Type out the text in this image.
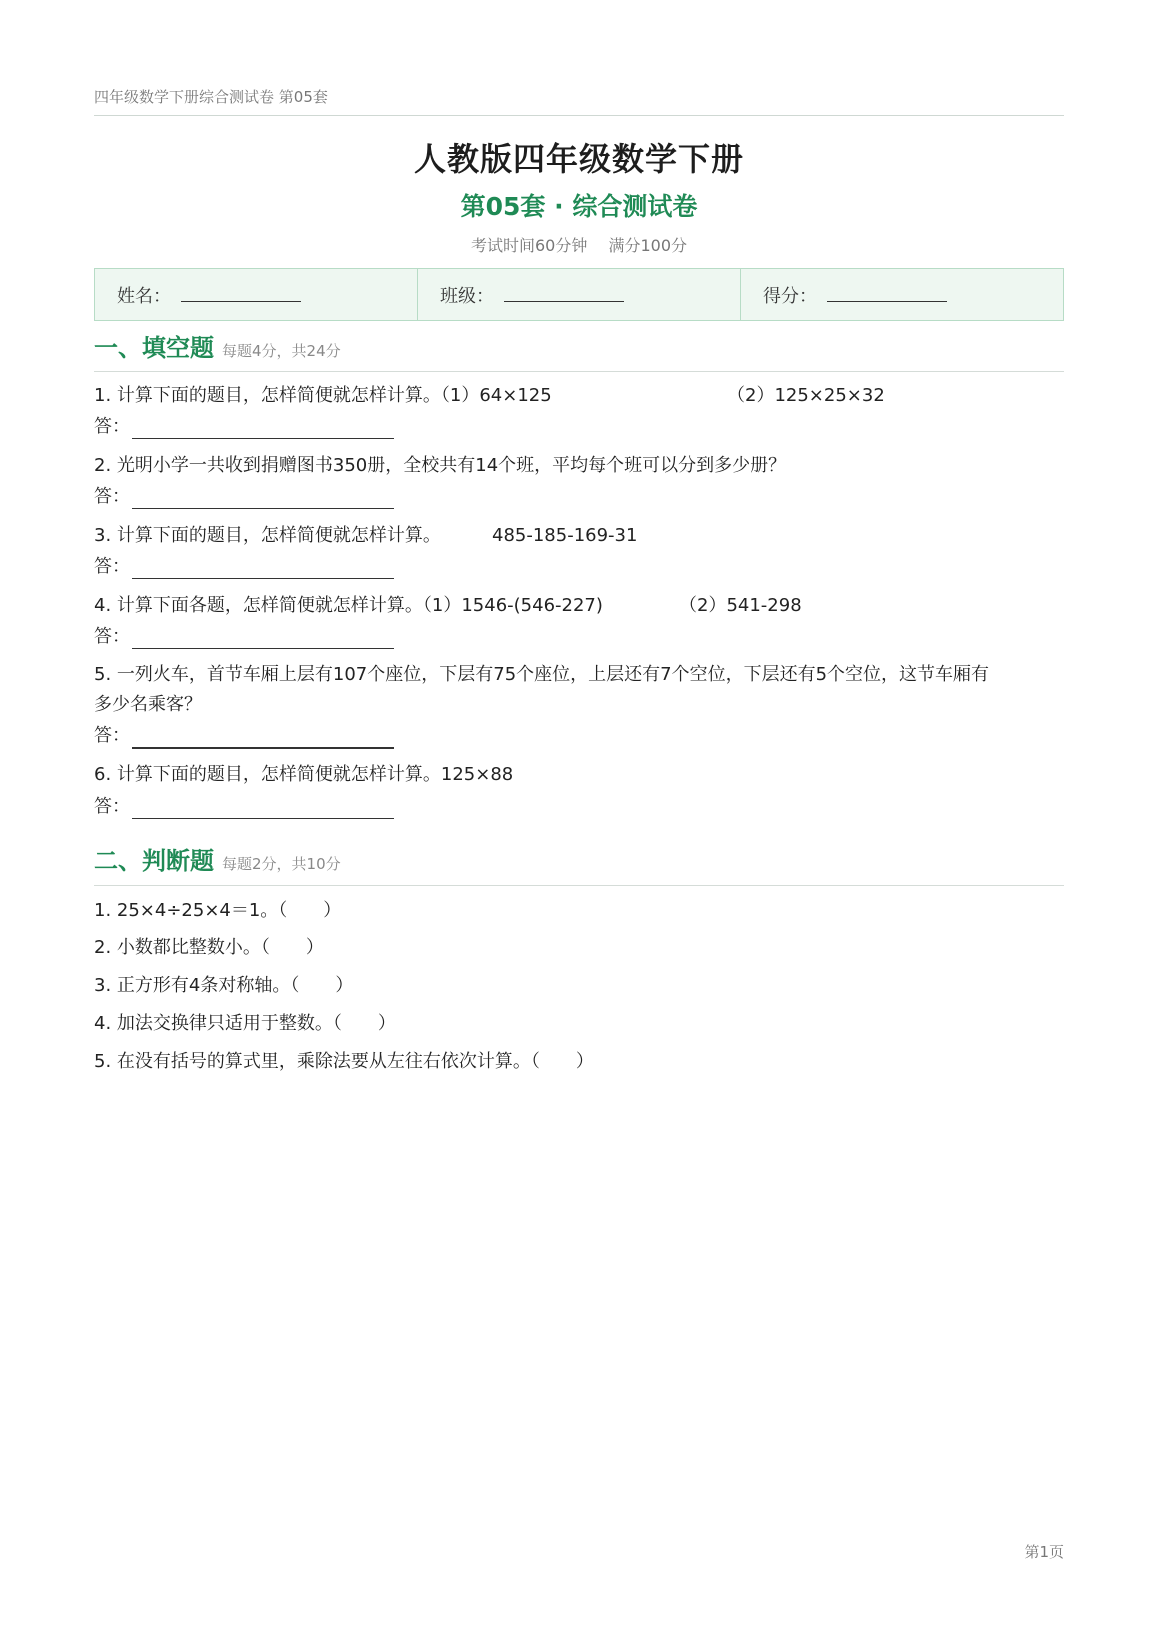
四年级数学下册综合测试卷 第05套
人教版四年级数学下册
第05套 · 综合测试卷
考试时间60分钟 满分100分
姓名：	班级：	得分：
一、填空题 每题4分，共24分
1. 计算下面的题目，怎样简便就怎样计算。（1）64×125	（2）125×25×32
答：
2. 光明小学一共收到捐赠图书350册，全校共有14个班，平均每个班可以分到多少册？
答：
3. 计算下面的题目，怎样简便就怎样计算。	485-185-169-31
答：
4. 计算下面各题，怎样简便就怎样计算。（1）1546-(546-227)	（2）541-298
答：
5. 一列火车，首节车厢上层有107个座位，下层有75个座位，上层还有7个空位，下层还有5个空位，这节车厢有
多少名乘客？
答：
6. 计算下面的题目，怎样简便就怎样计算。125×88
答：
二、判断题 每题2分，共10分
1. 25×4÷25×4＝1。（　　）
2. 小数都比整数小。（　　）
3. 正方形有4条对称轴。（　　）
4. 加法交换律只适用于整数。（　　）
5. 在没有括号的算式里，乘除法要从左往右依次计算。（　　）
第1页
